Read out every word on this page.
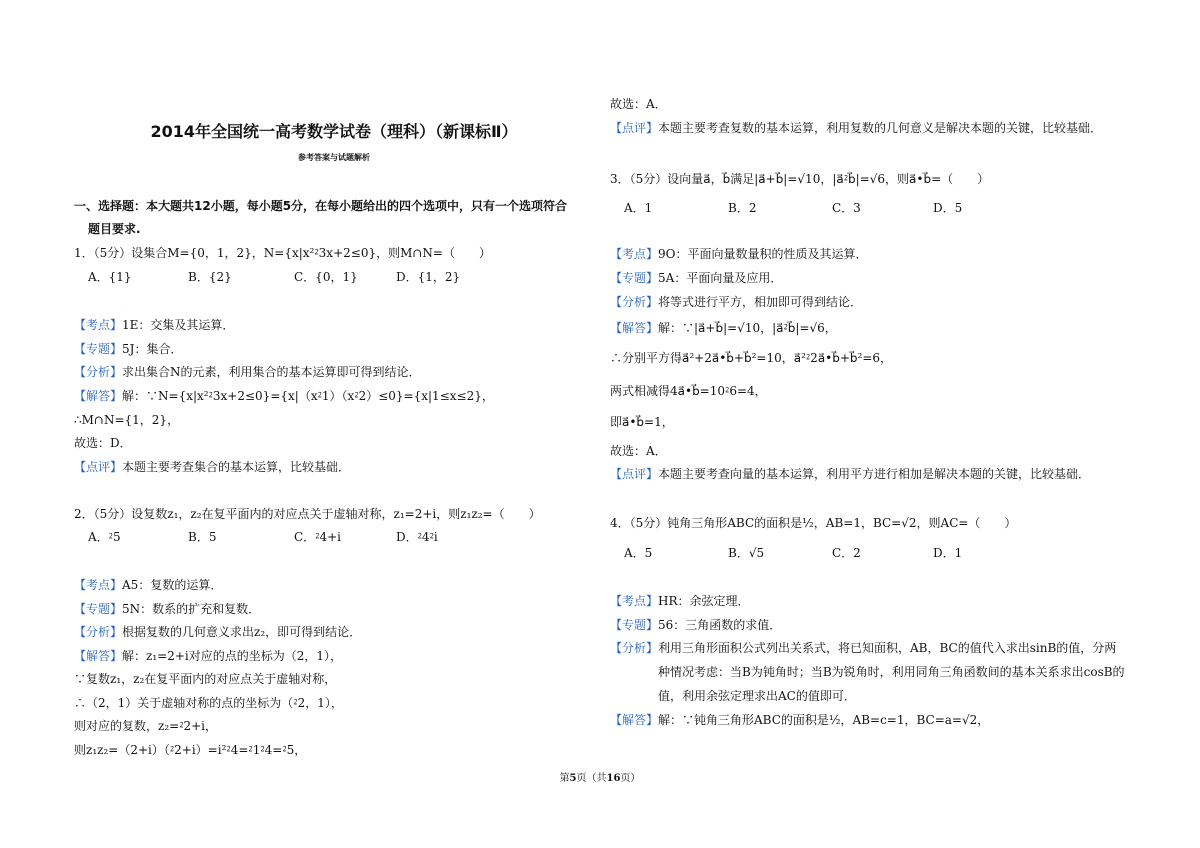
2014年全国统一高考数学试卷（理科）（新课标Ⅱ）
参考答案与试题解析
一、选择题：本大题共12小题，每小题5分，在每小题给出的四个选项中，只有一个选项符合
题目要求.
1．（5分）设集合M={0，1，2}，N={x|x²⁲3x+2≤0}，则M∩N=（　　）
A．{1}	B．{2}	C．{0，1}	D．{1，2}
【考点】1E：交集及其运算．
【专题】5J：集合．
【分析】求出集合N的元素，利用集合的基本运算即可得到结论．
【解答】解：∵N={x|x²⁲3x+2≤0}={x|（x⁲1）（x⁲2）≤0}={x|1≤x≤2}，
∴M∩N={1，2}，
故选：D．
【点评】本题主要考查集合的基本运算，比较基础．
2．（5分）设复数z₁，z₂在复平面内的对应点关于虚轴对称，z₁=2+i，则z₁z₂=（　　）
A．⁲5	B．5	C．⁲4+i	D．⁲4⁲i
【考点】A5：复数的运算．
【专题】5N：数系的扩充和复数．
【分析】根据复数的几何意义求出z₂，即可得到结论．
【解答】解：z₁=2+i对应的点的坐标为（2，1），
∵复数z₁，z₂在复平面内的对应点关于虚轴对称，
∴（2，1）关于虚轴对称的点的坐标为（⁲2，1），
则对应的复数，z₂=⁲2+i，
则z₁z₂=（2+i）（⁲2+i）=i²⁲4=⁲1⁲4=⁲5，
故选：A．
【点评】本题主要考查复数的基本运算，利用复数的几何意义是解决本题的关键，比较基础．
3．（5分）设向量a⃗，b⃗满足|a⃗+b⃗|=√10，|a⃗⁲b⃗|=√6，则a⃗•b⃗=（　　）
A．1	B．2	C．3	D．5
【考点】9O：平面向量数量积的性质及其运算．
【专题】5A：平面向量及应用．
【分析】将等式进行平方，相加即可得到结论．
【解答】解：∵|a⃗+b⃗|=√10，|a⃗⁲b⃗|=√6，
∴分别平方得a⃗²+2a⃗•b⃗+b⃗²=10，a⃗²⁲2a⃗•b⃗+b⃗²=6，
两式相减得4a⃗•b⃗=10⁲6=4，
即a⃗•b⃗=1，
故选：A．
【点评】本题主要考查向量的基本运算，利用平方进行相加是解决本题的关键，比较基础．
4．（5分）钝角三角形ABC的面积是½，AB=1，BC=√2，则AC=（　　）
A．5	B．√5	C．2	D．1
【考点】HR：余弦定理．
【专题】56：三角函数的求值．
【分析】利用三角形面积公式列出关系式，将已知面积，AB，BC的值代入求出sinB的值，分两
种情况考虑：当B为钝角时；当B为锐角时，利用同角三角函数间的基本关系求出cosB的
值，利用余弦定理求出AC的值即可．
【解答】解：∵钝角三角形ABC的面积是½，AB=c=1，BC=a=√2，
第5页（共16页）
